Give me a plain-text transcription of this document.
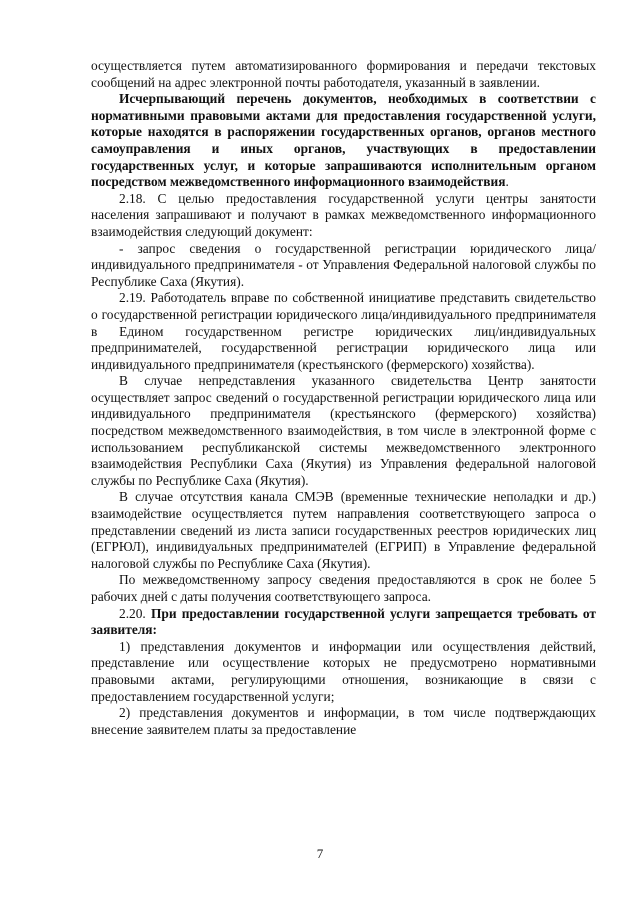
осуществляется путем автоматизированного формирования и передачи текстовых сообщений на адрес электронной почты работодателя, указанный в заявлении.

Исчерпывающий перечень документов, необходимых в соответствии с нормативными правовыми актами для предоставления государственной услуги, которые находятся в распоряжении государственных органов, органов местного самоуправления и иных органов, участвующих в предоставлении государственных услуг, и которые запрашиваются исполнительным органом посредством межведомственного информационного взаимодействия.

2.18. С целью предоставления государственной услуги центры занятости населения запрашивают и получают в рамках межведомственного информационного взаимодействия следующий документ:

- запрос сведения о государственной регистрации юридического лица/индивидуального предпринимателя - от Управления Федеральной налоговой службы по Республике Саха (Якутия).

2.19. Работодатель вправе по собственной инициативе представить свидетельство о государственной регистрации юридического лица/индивидуального предпринимателя в Едином государственном регистре юридических лиц/индивидуальных предпринимателей, государственной регистрации юридического лица или индивидуального предпринимателя (крестьянского (фермерского) хозяйства).

В случае непредставления указанного свидетельства Центр занятости осуществляет запрос сведений о государственной регистрации юридического лица или индивидуального предпринимателя (крестьянского (фермерского) хозяйства) посредством межведомственного взаимодействия, в том числе в электронной форме с использованием республиканской системы межведомственного электронного взаимодействия Республики Саха (Якутия) из Управления федеральной налоговой службы по Республике Саха (Якутия).

В случае отсутствия канала СМЭВ (временные технические неполадки и др.) взаимодействие осуществляется путем направления соответствующего запроса о представлении сведений из листа записи государственных реестров юридических лиц (ЕГРЮЛ), индивидуальных предпринимателей (ЕГРИП) в Управление федеральной налоговой службы по Республике Саха (Якутия).

По межведомственному запросу сведения предоставляются в срок не более 5 рабочих дней с даты получения соответствующего запроса.

2.20. При предоставлении государственной услуги запрещается требовать от заявителя:

1) представления документов и информации или осуществления действий, представление или осуществление которых не предусмотрено нормативными правовыми актами, регулирующими отношения, возникающие в связи с предоставлением государственной услуги;

2) представления документов и информации, в том числе подтверждающих внесение заявителем платы за предоставление

7
